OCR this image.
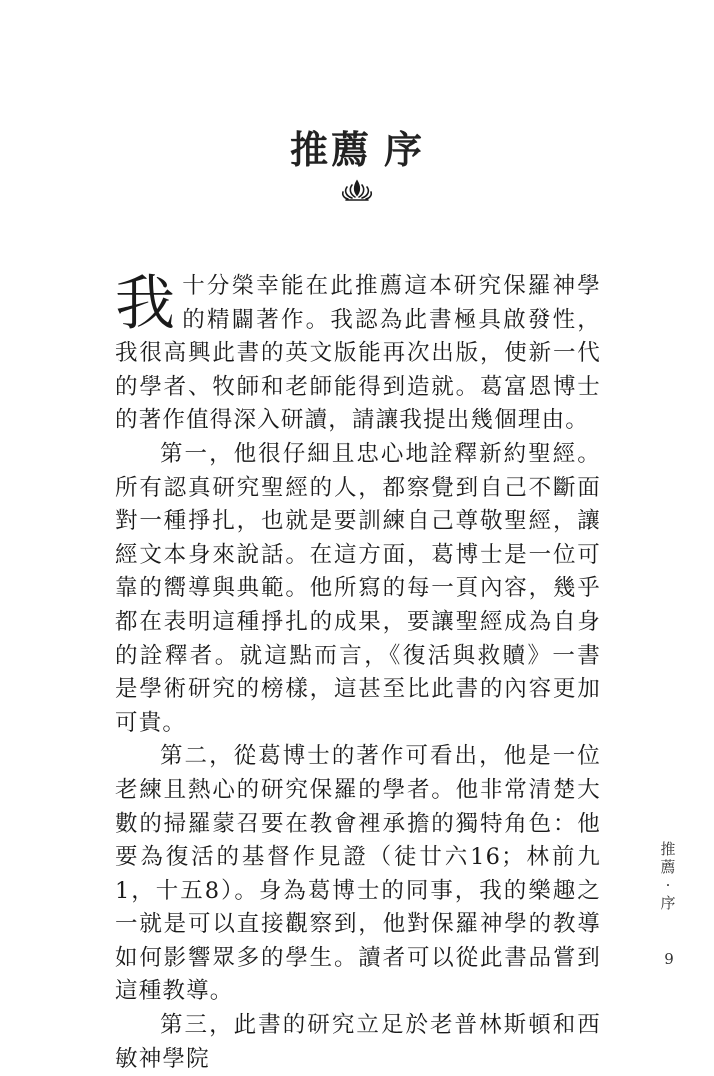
推薦 序

我十分榮幸能在此推薦這本研究保羅神學的精闢著作。我認為此書極具啟發性，我很高興此書的英文版能再次出版，使新一代的學者、牧師和老師能得到造就。葛富恩博士的著作值得深入研讀，請讓我提出幾個理由。

第一，他很仔細且忠心地詮釋新約聖經。所有認真研究聖經的人，都察覺到自己不斷面對一種掙扎，也就是要訓練自己尊敬聖經，讓經文本身來說話。在這方面，葛博士是一位可靠的嚮導與典範。他所寫的每一頁內容，幾乎都在表明這種掙扎的成果，要讓聖經成為自身的詮釋者。就這點而言，《復活與救贖》一書是學術研究的榜樣，這甚至比此書的內容更加可貴。

第二，從葛博士的著作可看出，他是一位老練且熱心的研究保羅的學者。他非常清楚大數的掃羅蒙召要在教會裡承擔的獨特角色：他要為復活的基督作見證（徒廿六16；林前九1，十五8）。身為葛博士的同事，我的樂趣之一就是可以直接觀察到，他對保羅神學的教導如何影響眾多的學生。讀者可以從此書品嘗到這種教導。

第三，此書的研究立足於老普林斯頓和西敏神學院

推
薦
·
序
9
